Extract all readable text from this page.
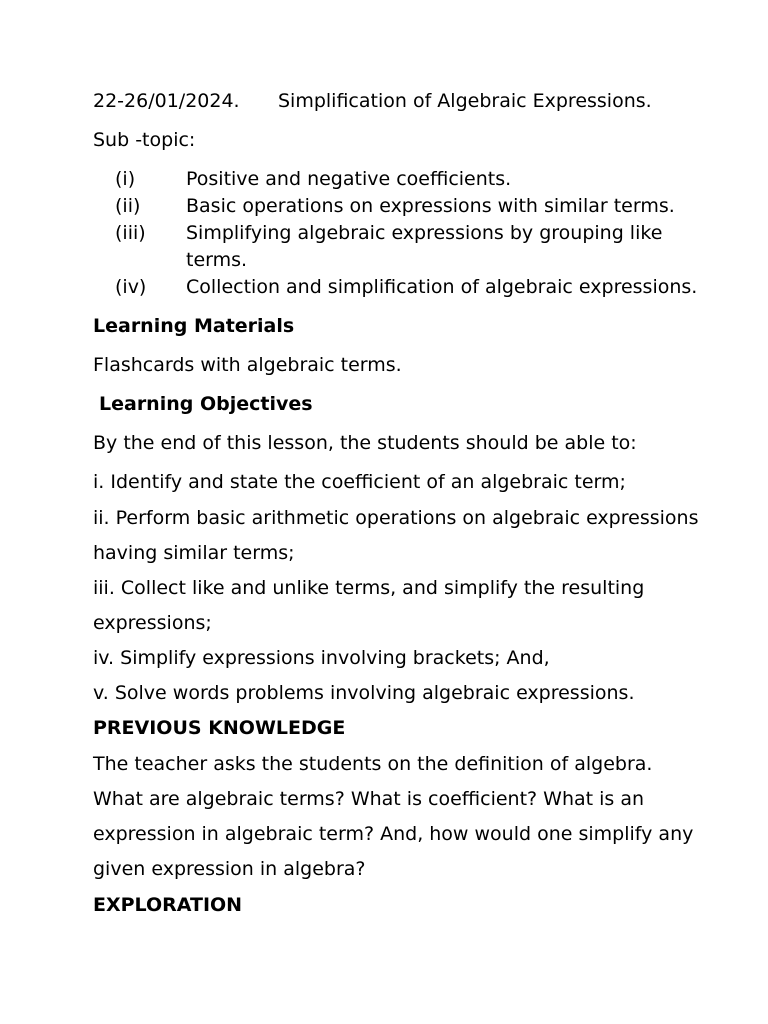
22-26/01/2024. Simplification of Algebraic Expressions.
Sub -topic:
(i)	Positive and negative coefficients.
(ii) Basic operations on expressions with similar terms.
(iii) Simplifying algebraic expressions by grouping like
terms.
(iv) Collection and simplification of algebraic expressions.
Learning Materials
Flashcards with algebraic terms.
Learning Objectives
By the end of this lesson, the students should be able to:
i. Identify and state the coefficient of an algebraic term;
ii. Perform basic arithmetic operations on algebraic expressions
having similar terms;
iii. Collect like and unlike terms, and simplify the resulting
expressions;
iv. Simplify expressions involving brackets; And,
v. Solve words problems involving algebraic expressions.
PREVIOUS KNOWLEDGE
The teacher asks the students on the definition of algebra.
What are algebraic terms? What is coefficient? What is an
expression in algebraic term? And, how would one simplify any
given expression in algebra?
EXPLORATION
